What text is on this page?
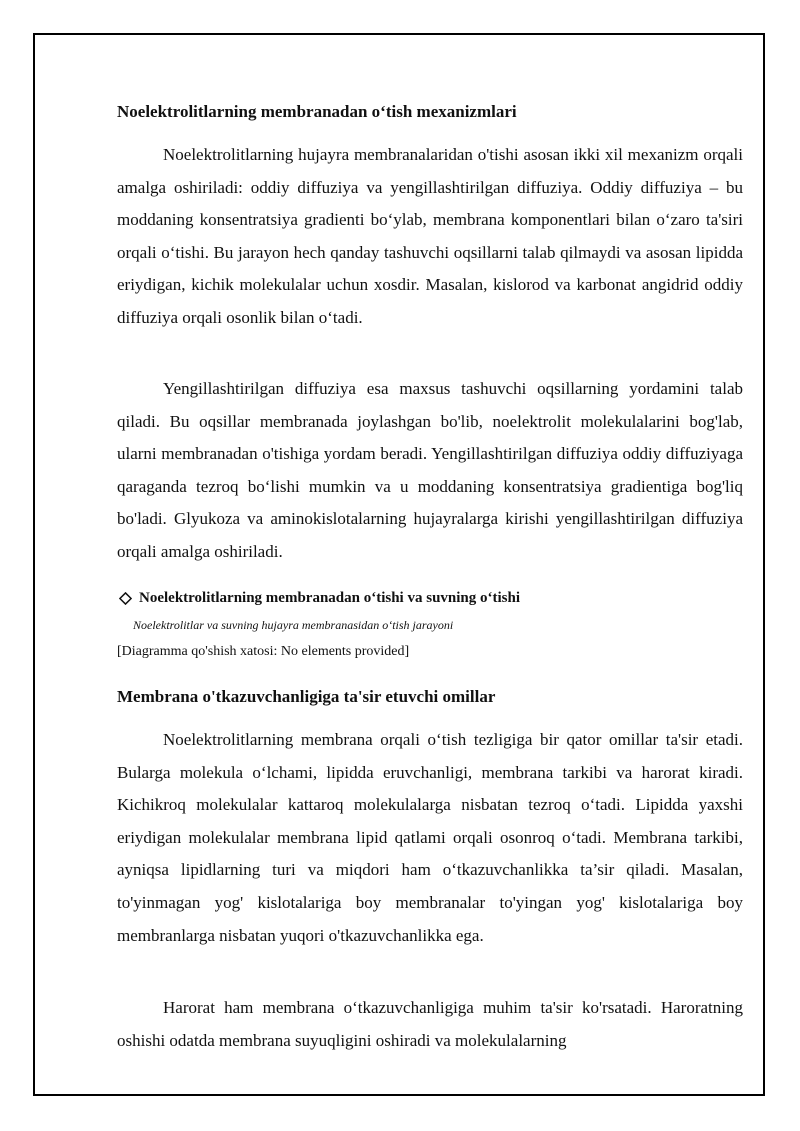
Noelektrolitlarning membranadan o‘tish mexanizmlari

Noelektrolitlarning hujayra membranalaridan o'tishi asosan ikki xil mexanizm orqali amalga oshiriladi: oddiy diffuziya va yengillashtirilgan diffuziya. Oddiy diffuziya – bu moddaning konsentratsiya gradienti bo‘ylab, membrana komponentlari bilan o‘zaro ta'siri orqali o‘tishi. Bu jarayon hech qanday tashuvchi oqsillarni talab qilmaydi va asosan lipidda eriydigan, kichik molekulalar uchun xosdir. Masalan, kislorod va karbonat angidrid oddiy diffuziya orqali osonlik bilan o‘tadi.

Yengillashtirilgan diffuziya esa maxsus tashuvchi oqsillarning yordamini talab qiladi. Bu oqsillar membranada joylashgan bo'lib, noelektrolit molekulalarini bog'lab, ularni membranadan o'tishiga yordam beradi. Yengillashtirilgan diffuziya oddiy diffuziyaga qaraganda tezroq bo‘lishi mumkin va u moddaning konsentratsiya gradientiga bog'liq bo'ladi. Glyukoza va aminokislotalarning hujayralarga kirishi yengillashtirilgan diffuziya orqali amalga oshiriladi.

Noelektrolitlarning membranadan o‘tishi va suvning o‘tishi
Noelektrolitlar va suvning hujayra membranasidan o‘tish jarayoni
[Diagramma qo'shish xatosi: No elements provided]
Membrana o'tkazuvchanligiga ta'sir etuvchi omillar

Noelektrolitlarning membrana orqali o‘tish tezligiga bir qator omillar ta'sir etadi. Bularga molekula o‘lchami, lipidda eruvchanligi, membrana tarkibi va harorat kiradi. Kichikroq molekulalar kattaroq molekulalarga nisbatan tezroq o‘tadi. Lipidda yaxshi eriydigan molekulalar membrana lipid qatlami orqali osonroq o‘tadi. Membrana tarkibi, ayniqsa lipidlarning turi va miqdori ham o‘tkazuvchanlikka ta’sir qiladi. Masalan, to'yinmagan yog' kislotalariga boy membranalar to'yingan yog' kislotalariga boy membranlarga nisbatan yuqori o'tkazuvchanlikka ega.

Harorat ham membrana o‘tkazuvchanligiga muhim ta'sir ko'rsatadi. Haroratning oshishi odatda membrana suyuqligini oshiradi va molekulalarning
